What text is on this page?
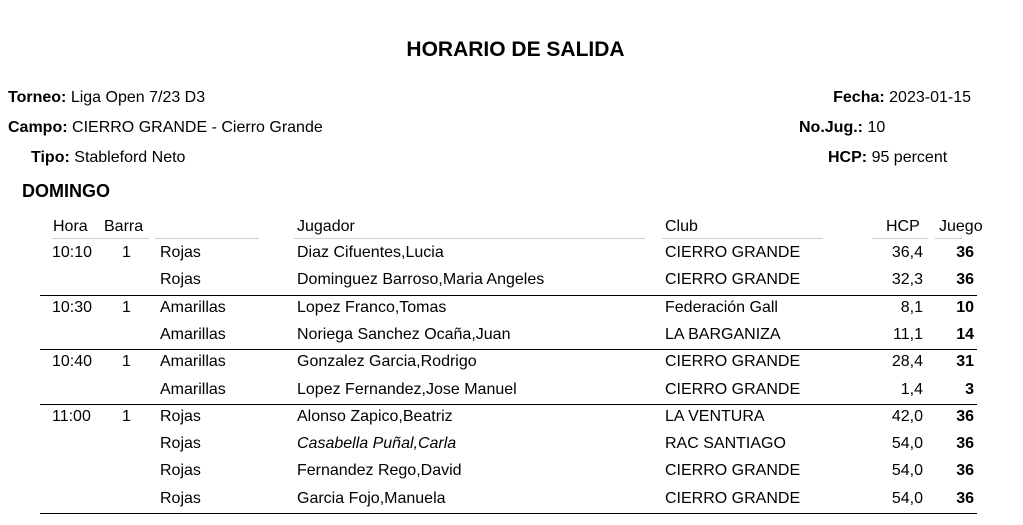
HORARIO DE SALIDA
Torneo: Liga Open 7/23 D3
Campo: CIERRO GRANDE - Cierro Grande
Tipo: Stableford Neto
Fecha: 2023-01-15
No.Jug.: 10
HCP: 95 percent
DOMINGO
Hora Barra	Jugador	Club	HCP Juego
10:10 1 Rojas	Diaz Cifuentes,Lucia	CIERRO GRANDE	36,4	36
Rojas	Dominguez Barroso,Maria Angeles	CIERRO GRANDE	32,3	36
10:30 1 Amarillas	Lopez Franco,Tomas	Federación Gall	8,1	10
Amarillas	Noriega Sanchez Ocaña,Juan	LA BARGANIZA	11,1	14
10:40 1 Amarillas	Gonzalez Garcia,Rodrigo	CIERRO GRANDE	28,4	31
Amarillas	Lopez Fernandez,Jose Manuel	CIERRO GRANDE	1,4	3
11:00 1 Rojas	Alonso Zapico,Beatriz	LA VENTURA	42,0	36
Rojas	Casabella Puñal,Carla	RAC SANTIAGO	54,0	36
Rojas	Fernandez Rego,David	CIERRO GRANDE	54,0	36
Rojas	Garcia Fojo,Manuela	CIERRO GRANDE	54,0	36
